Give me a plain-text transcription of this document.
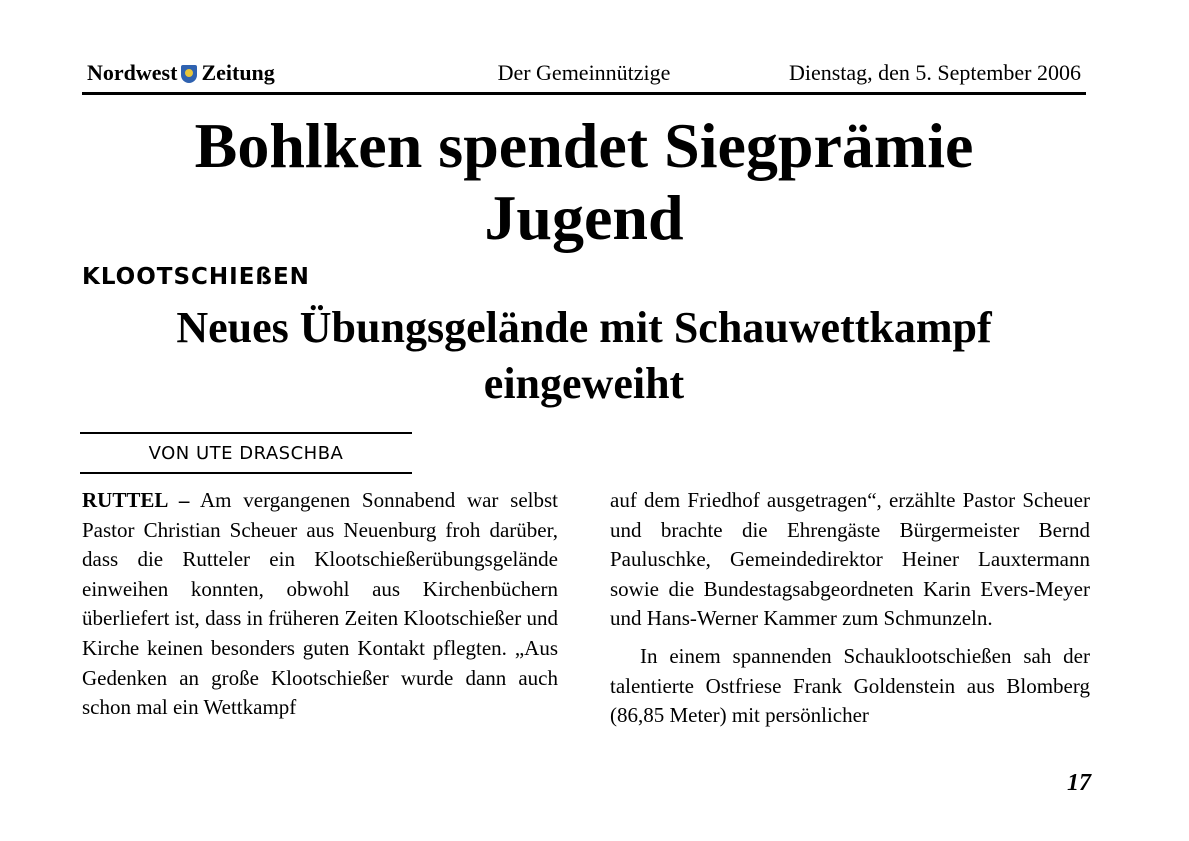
Nordwest Zeitung	Der Gemeinnützige	Dienstag, den 5. September 2006
Bohlken spendet Siegprämie
Jugend
KLOOTSCHIEßEN
Neues Übungsgelände mit Schauwettkampf
eingeweiht
VON UTE DRASCHBA

RUTTEL – Am vergangenen Sonnabend war selbst Pastor Christian Scheuer aus Neuenburg froh darüber, dass die Rutteler ein Klootschießerübungsgelände einweihen konnten, obwohl aus Kirchenbüchern überliefert ist, dass in früheren Zeiten Klootschießer und Kirche keinen besonders guten Kontakt pflegten. „Aus Gedenken an große Klootschießer wurde dann auch schon mal ein Wettkampf

auf dem Friedhof ausgetragen“, erzählte Pastor Scheuer und brachte die Ehrengäste Bürgermeister Bernd Pauluschke, Gemeindedirektor Heiner Lauxtermann sowie die Bundestagsabgeordneten Karin Evers-Meyer und Hans-Werner Kammer zum Schmunzeln.

In einem spannenden Schauklootschießen sah der talentierte Ostfriese Frank Goldenstein aus Blomberg (86,85 Meter) mit persönlicher

17
